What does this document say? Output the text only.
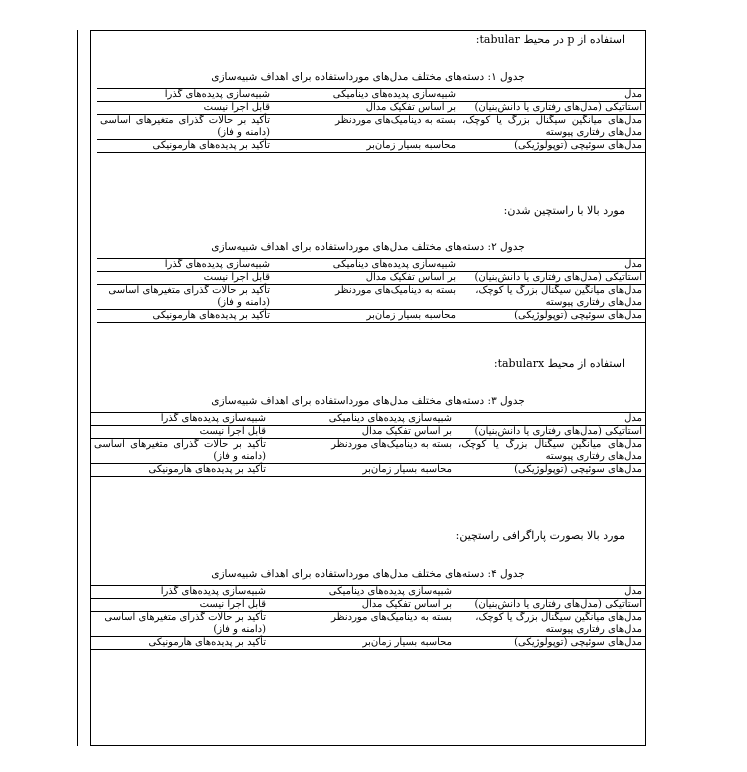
استفاده از p در محیط tabular:
جدول ۱: دسته‌های مختلف مدل‌های مورداستفاده برای اهداف شبیه‌سازی
مدل	شبیه‌سازی پدیده‌های دینامیکی	شبیه‌سازی پدیده‌های گذرا
استاتیکی (مدل‌های رفتاری یا دانش‌بنیان)	بر اساس تفکیک مدال	قابل اجرا نیست
مدل‌های میانگین سیگنال بزرگ یا کوچک، مدل‌های رفتاری پیوسته	بسته به دینامیک‌های موردنظر	تأکید بر حالات گذرای متغیرهای اساسی (دامنه و فاز)
مدل‌های سوئیچی (توپولوژیکی)	محاسبه بسیار زمان‌بر	تأکید بر پدیده‌های هارمونیکی
مورد بالا با راستچین شدن:
جدول ۲: دسته‌های مختلف مدل‌های مورداستفاده برای اهداف شبیه‌سازی
مدل	شبیه‌سازی پدیده‌های دینامیکی	شبیه‌سازی پدیده‌های گذرا
استاتیکی (مدل‌های رفتاری یا دانش‌بنیان)	بر اساس تفکیک مدال	قابل اجرا نیست
مدل‌های میانگین سیگنال بزرگ یا کوچک، مدل‌های رفتاری پیوسته	بسته به دینامیک‌های موردنظر	تأکید بر حالات گذرای متغیرهای اساسی (دامنه و فاز)
مدل‌های سوئیچی (توپولوژیکی)	محاسبه بسیار زمان‌بر	تأکید بر پدیده‌های هارمونیکی
استفاده از محیط tabularx:
جدول ۳: دسته‌های مختلف مدل‌های مورداستفاده برای اهداف شبیه‌سازی
مدل	شبیه‌سازی پدیده‌های دینامیکی	شبیه‌سازی پدیده‌های گذرا
استاتیکی (مدل‌های رفتاری یا دانش‌بنیان)	بر اساس تفکیک مدال	قابل اجرا نیست
مدل‌های میانگین سیگنال بزرگ یا کوچک، مدل‌های رفتاری پیوسته	بسته به دینامیک‌های موردنظر	تأکید بر حالات گذرای متغیرهای اساسی (دامنه و فاز)
مدل‌های سوئیچی (توپولوژیکی)	محاسبه بسیار زمان‌بر	تأکید بر پدیده‌های هارمونیکی
مورد بالا بصورت پاراگرافی راستچین:
جدول ۴: دسته‌های مختلف مدل‌های مورداستفاده برای اهداف شبیه‌سازی
مدل	شبیه‌سازی پدیده‌های دینامیکی	شبیه‌سازی پدیده‌های گذرا
استاتیکی (مدل‌های رفتاری یا دانش‌بنیان)	بر اساس تفکیک مدال	قابل اجرا نیست
مدل‌های میانگین سیگنال بزرگ یا کوچک، مدل‌های رفتاری پیوسته	بسته به دینامیک‌های موردنظر	تأکید بر حالات گذرای متغیرهای اساسی (دامنه و فاز)
مدل‌های سوئیچی (توپولوژیکی)	محاسبه بسیار زمان‌بر	تأکید بر پدیده‌های هارمونیکی
